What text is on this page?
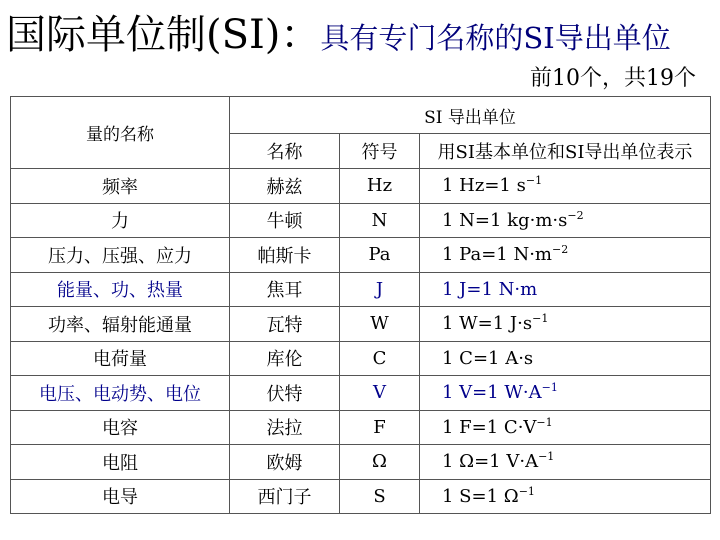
国际单位制(SI)：具有专门名称的SI导出单位
前10个，共19个
量的名称	SI 导出单位		
	名称	符号	用SI基本单位和SI导出单位表示
频率	赫兹	Hz	1 Hz=1 $s^{-1}$
力	牛顿	N	1 N=1 $kg\cdot m\cdot s^{-2}$
压力、压强、应力	帕斯卡	Pa	1 Pa=1 $N\cdot m^{-2}$
能量、功、热量	焦耳	J	1 J=1 N·m
功率、辐射能通量	瓦特	W	1 W=1 $J\cdot s^{-1}$
电荷量	库伦	C	1 C=1 A·s
电压、电动势、电位	伏特	V	1 V=1 $W\cdot A^{-1}$
电容	法拉	F	1 F=1 $C\cdot V^{-1}$
电阻	欧姆	Ω	1 Ω=1 $V\cdot A^{-1}$
电导	西门子	S	1 S=1 $\Omega^{-1}$
